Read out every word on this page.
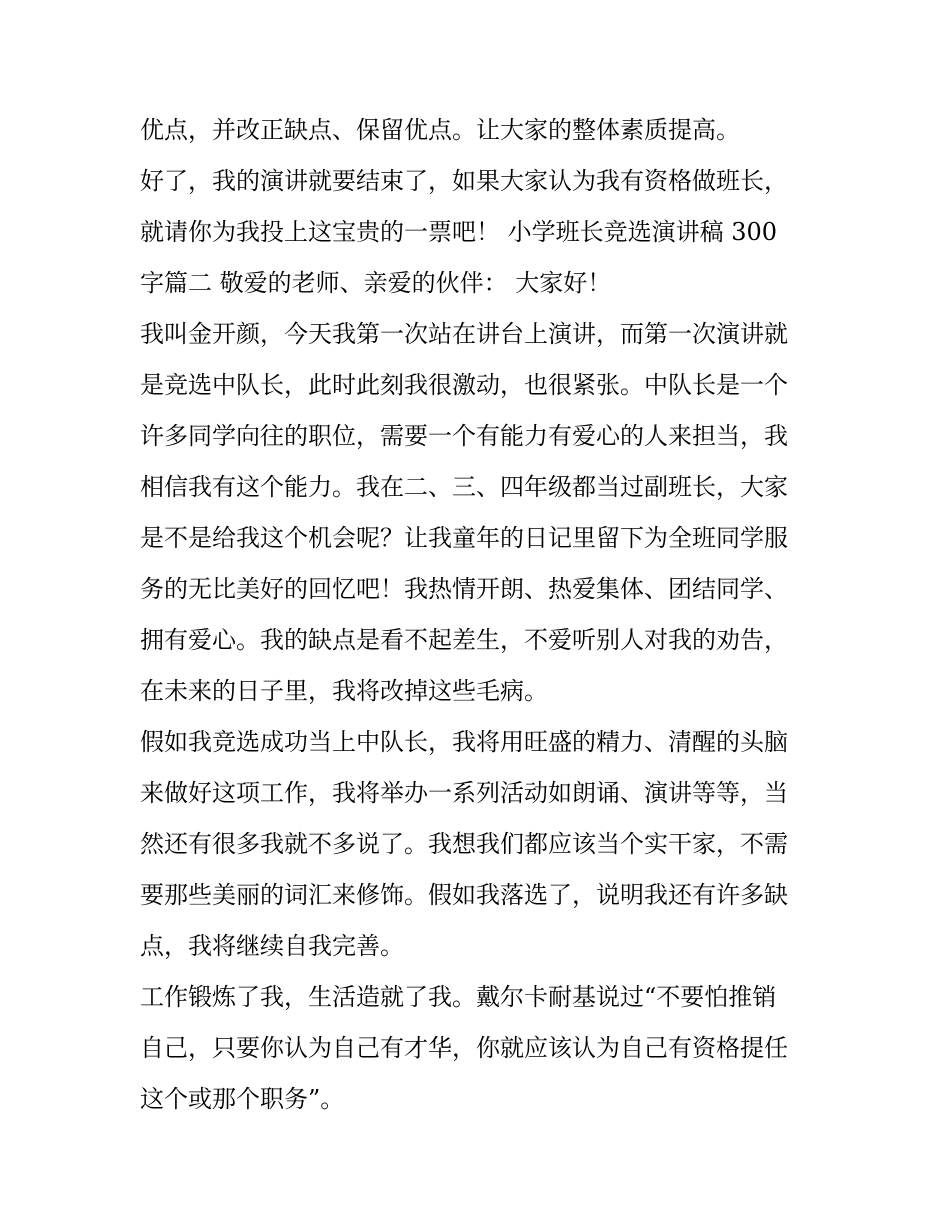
优点，并改正缺点、保留优点。让大家的整体素质提高。
好了，我的演讲就要结束了，如果大家认为我有资格做班长，
就请你为我投上这宝贵的一票吧！ 小学班长竞选演讲稿 300
字篇二 敬爱的老师、亲爱的伙伴： 大家好！
我叫金开颜，今天我第一次站在讲台上演讲，而第一次演讲就
是竞选中队长，此时此刻我很激动，也很紧张。中队长是一个
许多同学向往的职位，需要一个有能力有爱心的人来担当，我
相信我有这个能力。我在二、三、四年级都当过副班长，大家
是不是给我这个机会呢？让我童年的日记里留下为全班同学服
务的无比美好的回忆吧！我热情开朗、热爱集体、团结同学、
拥有爱心。我的缺点是看不起差生，不爱听别人对我的劝告，
在未来的日子里，我将改掉这些毛病。
假如我竞选成功当上中队长，我将用旺盛的精力、清醒的头脑
来做好这项工作，我将举办一系列活动如朗诵、演讲等等，当
然还有很多我就不多说了。我想我们都应该当个实干家，不需
要那些美丽的词汇来修饰。假如我落选了，说明我还有许多缺
点，我将继续自我完善。
工作锻炼了我，生活造就了我。戴尔卡耐基说过“不要怕推销
自己，只要你认为自己有才华，你就应该认为自己有资格提任
这个或那个职务”。
